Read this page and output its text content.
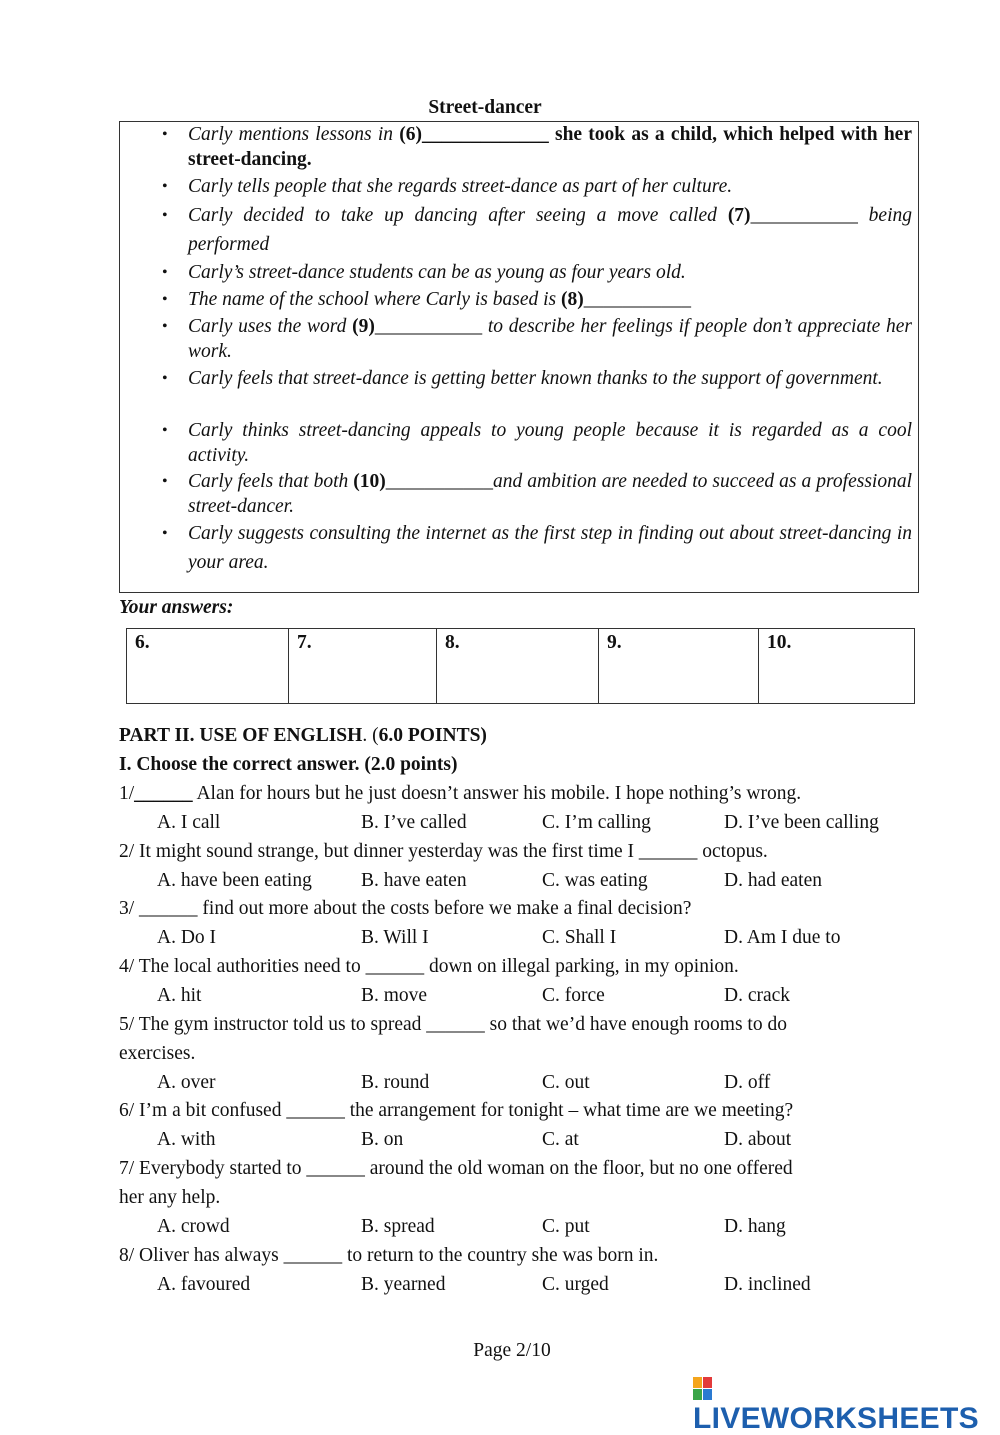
Street-dancer
• Carly mentions lessons in (6)_____________ she took as a child, which helped with her street-dancing.
• Carly tells people that she regards street-dance as part of her culture.
• Carly decided to take up dancing after seeing a move called (7)___________ being performed
• Carly’s street-dance students can be as young as four years old.
• The name of the school where Carly is based is (8)___________
• Carly uses the word (9)___________ to describe her feelings if people don’t appreciate her work.
• Carly feels that street-dance is getting better known thanks to the support of government.
• Carly thinks street-dancing appeals to young people because it is regarded as a cool activity.
• Carly feels that both (10)___________and ambition are needed to succeed as a professional street-dancer.
• Carly suggests consulting the internet as the first step in finding out about street-dancing in your area.
Your answers:
6.	7.	8.	9.	10.
PART II. USE OF ENGLISH. (6.0 POINTS)
I. Choose the correct answer. (2.0 points)
1/______ Alan for hours but he just doesn’t answer his mobile. I hope nothing’s wrong.
A. I call	B. I’ve called	C. I’m calling	D. I’ve been calling
2/ It might sound strange, but dinner yesterday was the first time I ______ octopus.
A. have been eating	B. have eaten	C. was eating	D. had eaten
3/ ______ find out more about the costs before we make a final decision?
A. Do I	B. Will I	C. Shall I	D. Am I due to
4/ The local authorities need to ______ down on illegal parking, in my opinion.
A. hit	B. move	C. force	D. crack
5/ The gym instructor told us to spread ______ so that we’d have enough rooms to do
exercises.
A. over	B. round	C. out	D. off
6/ I’m a bit confused ______ the arrangement for tonight – what time are we meeting?
A. with	B. on	C. at	D. about
7/ Everybody started to ______ around the old woman on the floor, but no one offered
her any help.
A. crowd	B. spread	C. put	D. hang
8/ Oliver has always ______ to return to the country she was born in.
A. favoured	B. yearned	C. urged	D. inclined
Page 2/10
LIVEWORKSHEETS
